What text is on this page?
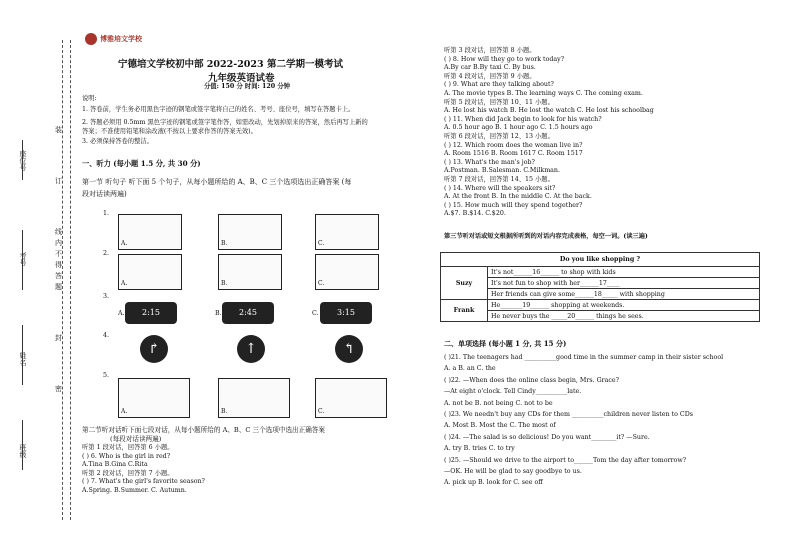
座位号
考号
姓名
班级
装
订
线
内
不
得
答
题
封
密
博雅培文学校
宁德培文学校初中部 2022-2023 第二学期一模考试
九年级英语试卷
分值: 150 分 时间: 120 分钟
说明:
1. 答卷前，学生务必用黑色字迹的钢笔或签字笔将自己的姓名、考号、座位号，填写在答题卡上。
2. 答题必须用 0.5mm 黑色字迹的钢笔或签字笔作答，如需改动，先划掉原来的答案，然后再写上新的
答案；不准使用铅笔和涂改液(不按以上要求作答的答案无效)。
3. 必须保持答卷的整洁。
一、听力 (每小题 1.5 分, 共 30 分)
第一节 听句子 听下面 5 个句子，从每小题所给的 A、B、C 三个选项选出正确答案 (每
段对话读两遍)
1.
A.	B.	C.
2.
A.	B.	C.
3.
2:15	2:45	3:15
A.	B.	C.
4.
↱	↑	↰
5.
A.	B.	C.
第二节听对话听下面七段对话，从每小题所给的 A、B、C 三个选项中选出正确答案
(每段对话读两遍)
听第 1 段对话，回答第 6 小题。
( ) 6. Who is the girl in red?
A.Tina B.Gina C.Rita
听第 2 段对话，回答第 7 小题。
( ) 7. What's the girl's favorite season?
A.Spring. B.Summer. C. Autumn.
听第 3 段对话，回答第 8 小题。
( ) 8. How will they go to work today?
A.By car B.By taxi C. By bus.
听第 4 段对话，回答第 9 小题。
( ) 9. What are they talking about?
A. The movie types B. The learning ways C. The coming exam.
听第 5 段对话，回答第 10、11 小题。
A. He lost his watch B. He lost the watch C. He lost his schoolbag
( ) 11. When did Jack begin to look for his watch?
A. 0.5 hour ago B. 1 hour ago C. 1.5 hours ago
听第 6 段对话，回答第 12、13 小题。
( ) 12. Which room does the woman live in?
A. Room 1516 B. Room 1617 C. Room 1517
( ) 13. What's the man's job?
A.Postman. B.Salesman. C.Milkman.
听第 7 段对话，回答第 14、15 小题。
( ) 14. Where will the speakers sit?
A. At the front B. In the middle C. At the back.
( ) 15. How much will they spend together?
A.$7. B.$14. C.$20.
第三节听对话或短文根据所听到的对话内容完成表格，每空一词。(读三遍)
Do you like shopping ?	
Suzy	It's not______16______ to shop with kids
	It's not fun to shop with her______17____
	Her friends can give some______18_____ with shopping
Frank	He_______19______ shopping at weekends.
	He never buys the _____20______ things he sees.
二、单项选择 (每小题 1 分, 共 15 分)
( )21. The teenagers had __________good time in the summer camp in their sister school
A. a B. an C. the
( )22. —When does the online class begin, Mrs. Grace?
—At eight o'clock. Tell Cindy__________late.
A. not be B. not being C. not to be
( )23. We needn't buy any CDs for them __________children never listen to CDs
A. Most B. Most the C. The most of
( )24. —The salad is so delicious! Do you want________it? —Sure.
A. try B. tries C. to try
( )25. —Should we drive to the airport to______Tom the day after tomorrow?
—OK. He will be glad to say goodbye to us.
A. pick up B. look for C. see off
